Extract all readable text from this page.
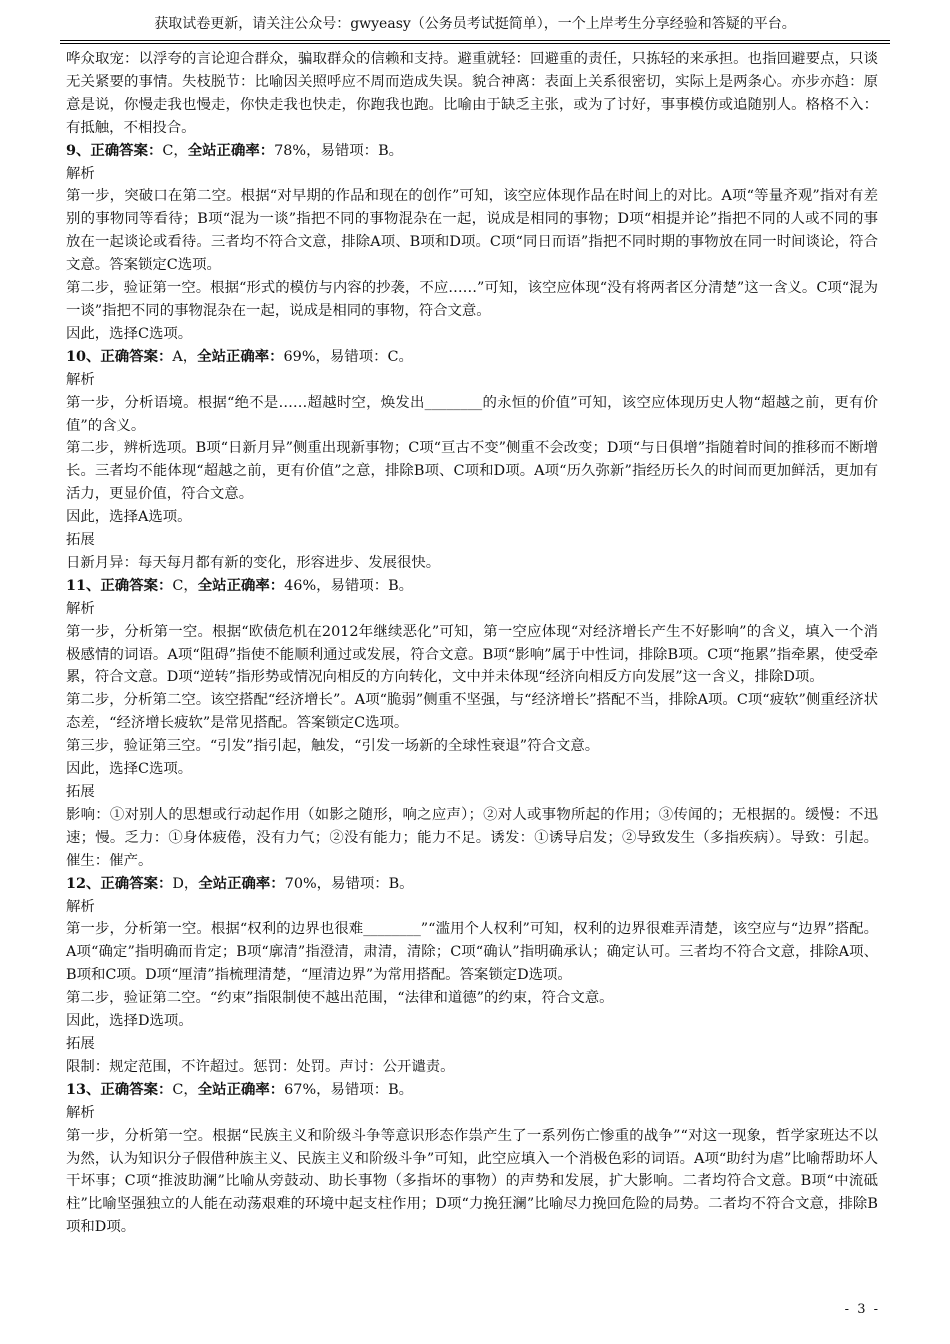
获取试卷更新，请关注公众号：gwyeasy（公务员考试挺简单），一个上岸考生分享经验和答疑的平台。

哗众取宠：以浮夸的言论迎合群众，骗取群众的信赖和支持。避重就轻：回避重的责任，只拣轻的来承担。也指回避要点，只谈无关紧要的事情。失枝脱节：比喻因关照呼应不周而造成失误。貌合神离：表面上关系很密切，实际上是两条心。亦步亦趋：原意是说，你慢走我也慢走，你快走我也快走，你跑我也跑。比喻由于缺乏主张，或为了讨好，事事模仿或追随别人。格格不入：有抵触，不相投合。

9、正确答案：C，全站正确率：78%，易错项：B。

解析

第一步，突破口在第二空。根据“对早期的作品和现在的创作”可知，该空应体现作品在时间上的对比。A项“等量齐观”指对有差别的事物同等看待；B项“混为一谈”指把不同的事物混杂在一起，说成是相同的事物；D项“相提并论”指把不同的人或不同的事放在一起谈论或看待。三者均不符合文意，排除A项、B项和D项。C项“同日而语”指把不同时期的事物放在同一时间谈论，符合文意。答案锁定C选项。

第二步，验证第一空。根据“形式的模仿与内容的抄袭，不应……”可知，该空应体现“没有将两者区分清楚”这一含义。C项“混为一谈”指把不同的事物混杂在一起，说成是相同的事物，符合文意。

因此，选择C选项。

10、正确答案：A，全站正确率：69%，易错项：C。

解析

第一步，分析语境。根据“绝不是……超越时空，焕发出________的永恒的价值”可知，该空应体现历史人物“超越之前，更有价值”的含义。

第二步，辨析选项。B项“日新月异”侧重出现新事物；C项“亘古不变”侧重不会改变；D项“与日俱增”指随着时间的推移而不断增长。三者均不能体现“超越之前，更有价值”之意，排除B项、C项和D项。A项“历久弥新”指经历长久的时间而更加鲜活，更加有活力，更显价值，符合文意。

因此，选择A选项。

拓展

日新月异：每天每月都有新的变化，形容进步、发展很快。

11、正确答案：C，全站正确率：46%，易错项：B。

解析

第一步，分析第一空。根据“欧债危机在2012年继续恶化”可知，第一空应体现“对经济增长产生不好影响”的含义，填入一个消极感情的词语。A项“阻碍”指使不能顺利通过或发展，符合文意。B项“影响”属于中性词，排除B项。C项“拖累”指牵累，使受牵累，符合文意。D项“逆转”指形势或情况向相反的方向转化，文中并未体现“经济向相反方向发展”这一含义，排除D项。

第二步，分析第二空。该空搭配“经济增长”。A项“脆弱”侧重不坚强，与“经济增长”搭配不当，排除A项。C项“疲软”侧重经济状态差，“经济增长疲软”是常见搭配。答案锁定C选项。

第三步，验证第三空。“引发”指引起，触发，“引发一场新的全球性衰退”符合文意。

因此，选择C选项。

拓展

影响：①对别人的思想或行动起作用（如影之随形，响之应声）；②对人或事物所起的作用；③传闻的；无根据的。缓慢：不迅速；慢。乏力：①身体疲倦，没有力气；②没有能力；能力不足。诱发：①诱导启发；②导致发生（多指疾病）。导致：引起。催生：催产。

12、正确答案：D，全站正确率：70%，易错项：B。

解析

第一步，分析第一空。根据“权利的边界也很难________”“滥用个人权利”可知，权利的边界很难弄清楚，该空应与“边界”搭配。A项“确定”指明确而肯定；B项“廓清”指澄清，肃清，清除；C项“确认”指明确承认；确定认可。三者均不符合文意，排除A项、B项和C项。D项“厘清”指梳理清楚，“厘清边界”为常用搭配。答案锁定D选项。

第二步，验证第二空。“约束”指限制使不越出范围，“法律和道德”的约束，符合文意。

因此，选择D选项。

拓展

限制：规定范围，不许超过。惩罚：处罚。声讨：公开谴责。

13、正确答案：C，全站正确率：67%，易错项：B。

解析

第一步，分析第一空。根据“民族主义和阶级斗争等意识形态作祟产生了一系列伤亡惨重的战争”“对这一现象，哲学家班达不以为然，认为知识分子假借种族主义、民族主义和阶级斗争”可知，此空应填入一个消极色彩的词语。A项“助纣为虐”比喻帮助坏人干坏事；C项“推波助澜”比喻从旁鼓动、助长事物（多指坏的事物）的声势和发展，扩大影响。二者均符合文意。B项“中流砥柱”比喻坚强独立的人能在动荡艰难的环境中起支柱作用；D项“力挽狂澜”比喻尽力挽回危险的局势。二者均不符合文意，排除B项和D项。

- 3 -
